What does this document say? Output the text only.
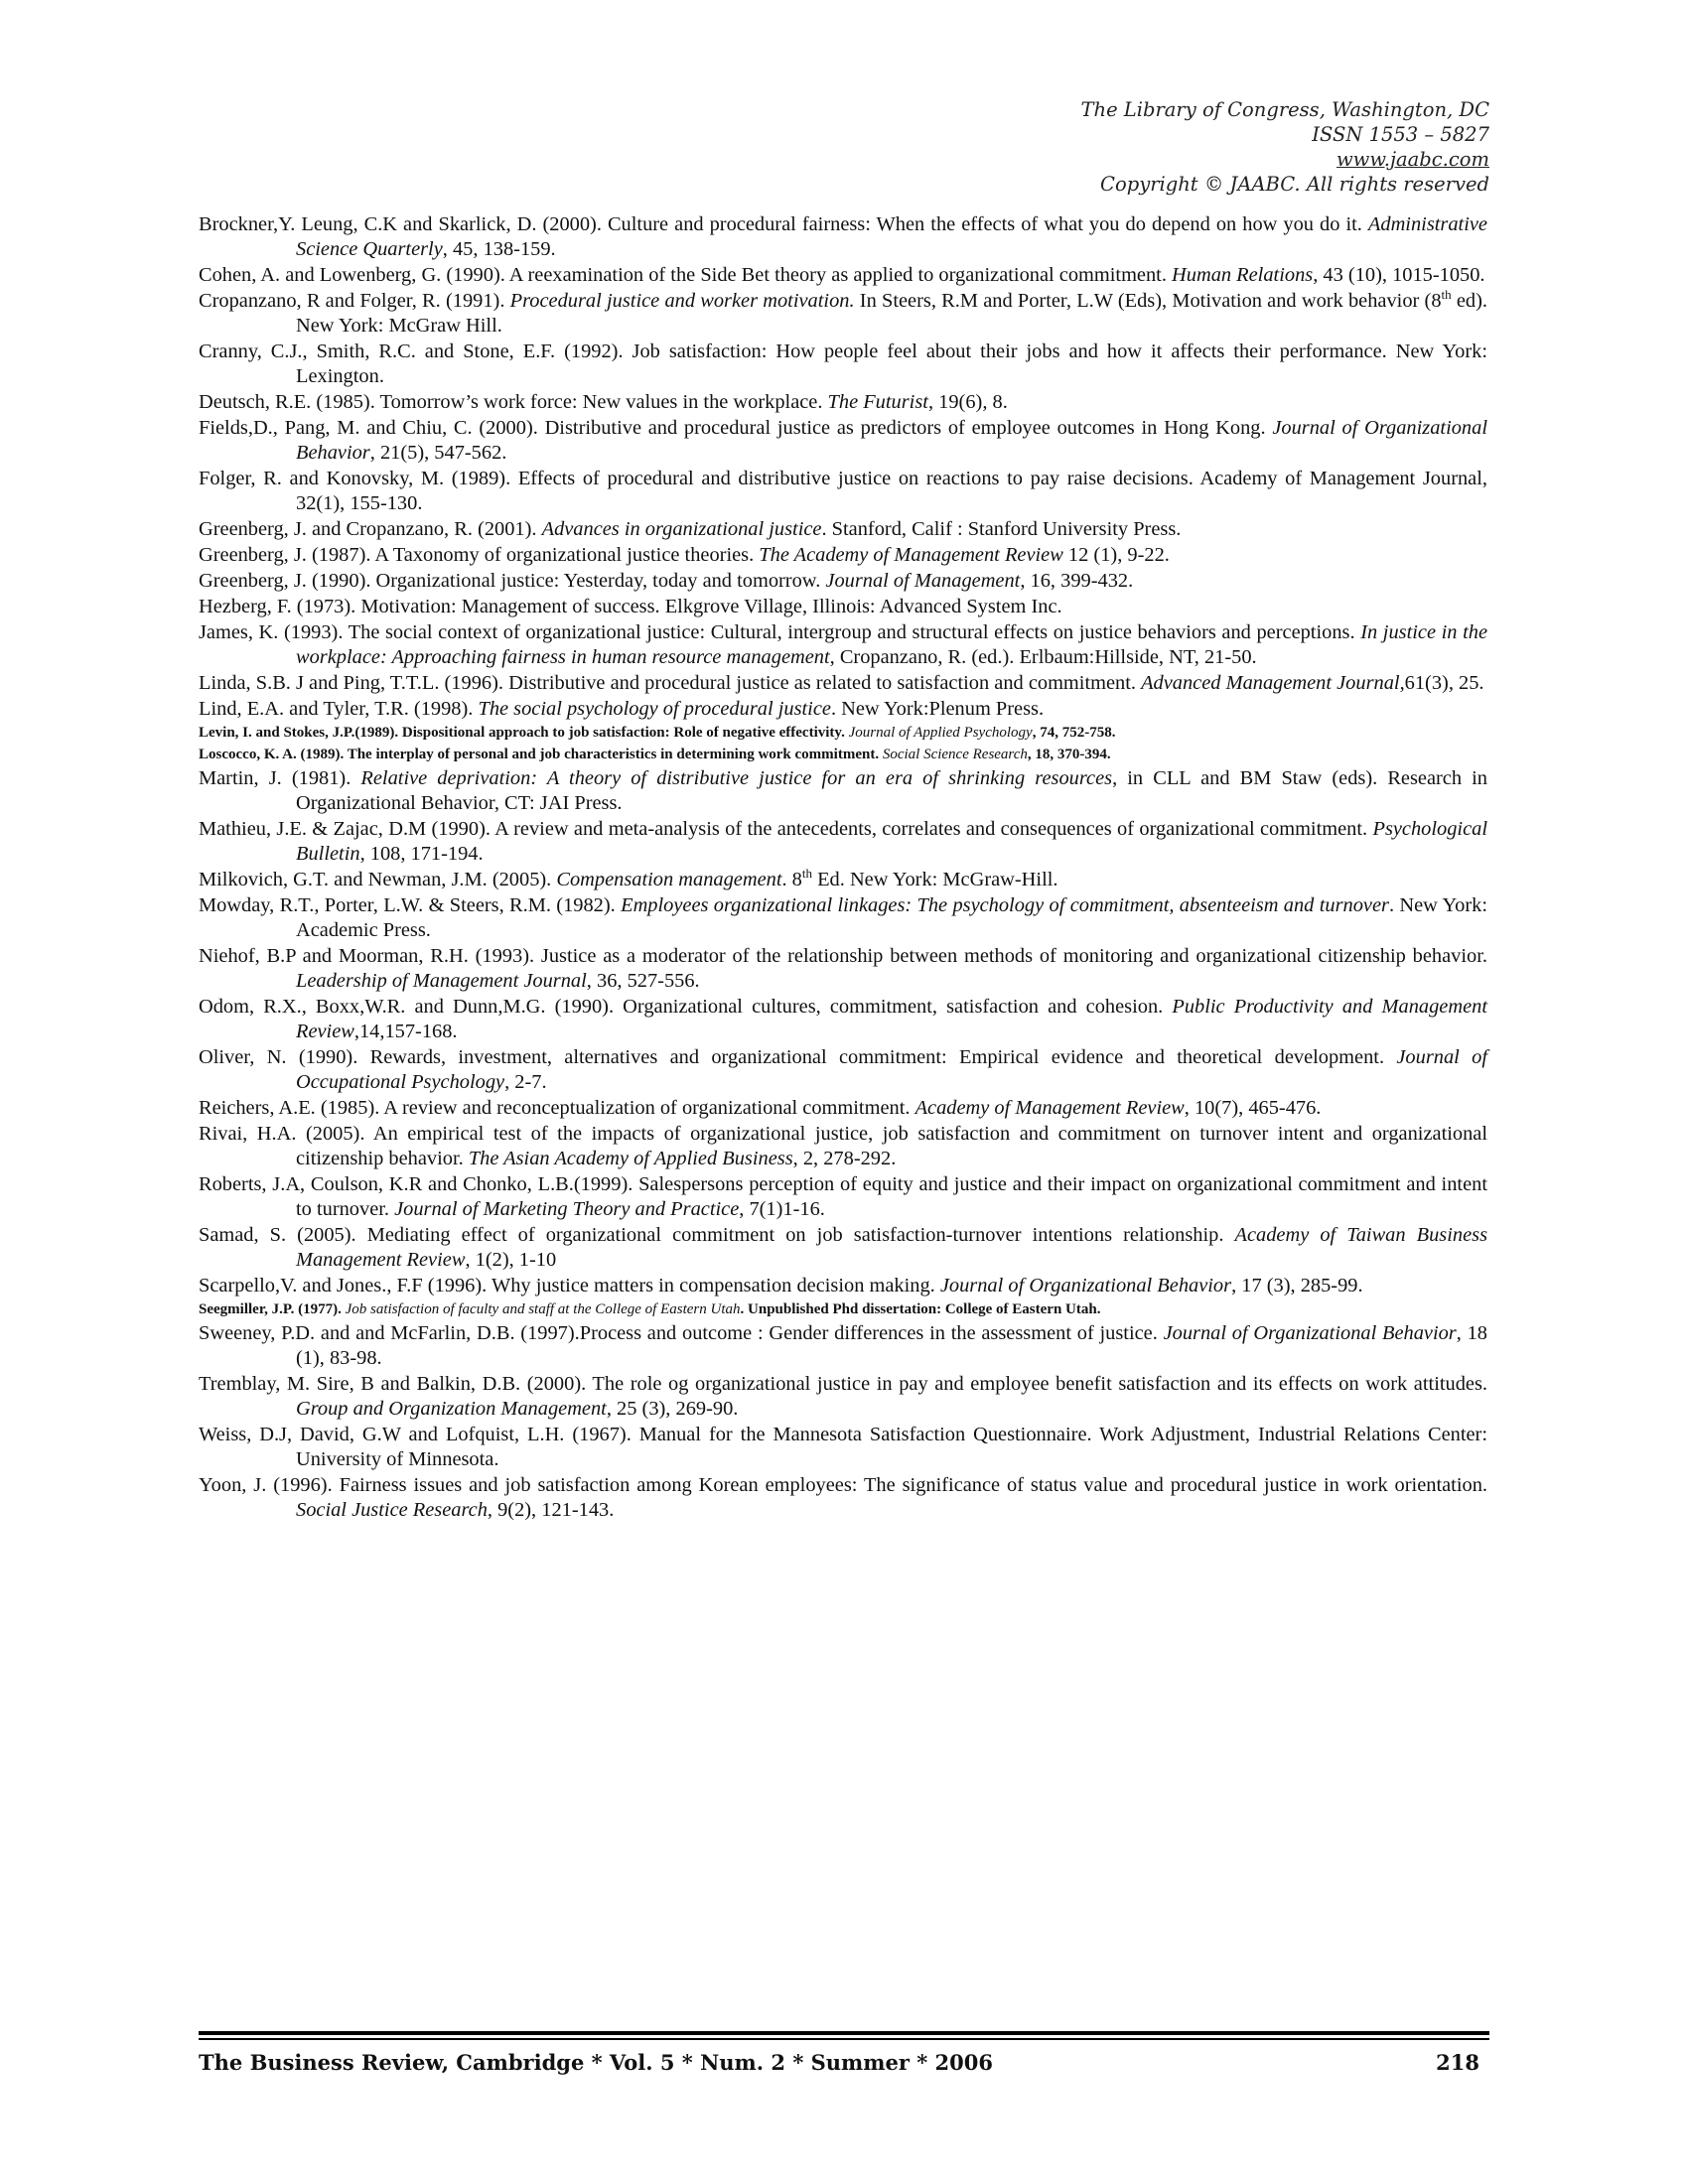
The Library of Congress, Washington, DC
ISSN 1553 – 5827
www.jaabc.com
Copyright © JAABC. All rights reserved
Brockner,Y. Leung, C.K and Skarlick, D. (2000). Culture and procedural fairness: When the effects of what you do depend on how you do it. Administrative Science Quarterly, 45, 138-159.
Cohen, A. and Lowenberg, G. (1990). A reexamination of the Side Bet theory as applied to organizational commitment. Human Relations, 43 (10), 1015-1050.
Cropanzano, R and Folger, R. (1991). Procedural justice and worker motivation. In Steers, R.M and Porter, L.W (Eds), Motivation and work behavior (8th ed). New York: McGraw Hill.
Cranny, C.J., Smith, R.C. and Stone, E.F. (1992). Job satisfaction: How people feel about their jobs and how it affects their performance. New York: Lexington.
Deutsch, R.E. (1985). Tomorrow’s work force: New values in the workplace. The Futurist, 19(6), 8.
Fields,D., Pang, M. and Chiu, C. (2000). Distributive and procedural justice as predictors of employee outcomes in Hong Kong. Journal of Organizational Behavior, 21(5), 547-562.
Folger, R. and Konovsky, M. (1989). Effects of procedural and distributive justice on reactions to pay raise decisions. Academy of Management Journal, 32(1), 155-130.
Greenberg, J. and Cropanzano, R. (2001). Advances in organizational justice. Stanford, Calif : Stanford University Press.
Greenberg, J. (1987). A Taxonomy of organizational justice theories. The Academy of Management Review 12 (1), 9-22.
Greenberg, J. (1990). Organizational justice: Yesterday, today and tomorrow. Journal of Management, 16, 399-432.
Hezberg, F. (1973). Motivation: Management of success. Elkgrove Village, Illinois: Advanced System Inc.
James, K. (1993). The social context of organizational justice: Cultural, intergroup and structural effects on justice behaviors and perceptions. In justice in the workplace: Approaching fairness in human resource management, Cropanzano, R. (ed.). Erlbaum:Hillside, NT, 21-50.
Linda, S.B. J and Ping, T.T.L. (1996). Distributive and procedural justice as related to satisfaction and commitment. Advanced Management Journal,61(3), 25.
Lind, E.A. and Tyler, T.R. (1998). The social psychology of procedural justice. New York:Plenum Press.
Levin, I. and Stokes, J.P.(1989). Dispositional approach to job satisfaction: Role of negative effectivity. Journal of Applied Psychology, 74, 752-758.
Loscocco, K. A. (1989). The interplay of personal and job characteristics in determining work commitment. Social Science Research, 18, 370-394.
Martin, J. (1981). Relative deprivation: A theory of distributive justice for an era of shrinking resources, in CLL and BM Staw (eds). Research in Organizational Behavior, CT: JAI Press.
Mathieu, J.E. & Zajac, D.M (1990). A review and meta-analysis of the antecedents, correlates and consequences of organizational commitment. Psychological Bulletin, 108, 171-194.
Milkovich, G.T. and Newman, J.M. (2005). Compensation management. 8th Ed. New York: McGraw-Hill.
Mowday, R.T., Porter, L.W. & Steers, R.M. (1982). Employees organizational linkages: The psychology of commitment, absenteeism and turnover. New York: Academic Press.
Niehof, B.P and Moorman, R.H. (1993). Justice as a moderator of the relationship between methods of monitoring and organizational citizenship behavior. Leadership of Management Journal, 36, 527-556.
Odom, R.X., Boxx,W.R. and Dunn,M.G. (1990). Organizational cultures, commitment, satisfaction and cohesion. Public Productivity and Management Review,14,157-168.
Oliver, N. (1990). Rewards, investment, alternatives and organizational commitment: Empirical evidence and theoretical development. Journal of Occupational Psychology, 2-7.
Reichers, A.E. (1985). A review and reconceptualization of organizational commitment. Academy of Management Review, 10(7), 465-476.
Rivai, H.A. (2005). An empirical test of the impacts of organizational justice, job satisfaction and commitment on turnover intent and organizational citizenship behavior. The Asian Academy of Applied Business, 2, 278-292.
Roberts, J.A, Coulson, K.R and Chonko, L.B.(1999). Salespersons perception of equity and justice and their impact on organizational commitment and intent to turnover. Journal of Marketing Theory and Practice, 7(1)1-16.
Samad, S. (2005). Mediating effect of organizational commitment on job satisfaction-turnover intentions relationship. Academy of Taiwan Business Management Review, 1(2), 1-10
Scarpello,V. and Jones., F.F (1996). Why justice matters in compensation decision making. Journal of Organizational Behavior, 17 (3), 285-99.
Seegmiller, J.P. (1977). Job satisfaction of faculty and staff at the College of Eastern Utah. Unpublished Phd dissertation: College of Eastern Utah.
Sweeney, P.D. and and McFarlin, D.B. (1997).Process and outcome : Gender differences in the assessment of justice. Journal of Organizational Behavior, 18 (1), 83-98.
Tremblay, M. Sire, B and Balkin, D.B. (2000). The role og organizational justice in pay and employee benefit satisfaction and its effects on work attitudes. Group and Organization Management, 25 (3), 269-90.
Weiss, D.J, David, G.W and Lofquist, L.H. (1967). Manual for the Mannesota Satisfaction Questionnaire. Work Adjustment, Industrial Relations Center: University of Minnesota.
Yoon, J. (1996). Fairness issues and job satisfaction among Korean employees: The significance of status value and procedural justice in work orientation. Social Justice Research, 9(2), 121-143.
The Business Review, Cambridge * Vol. 5 * Num. 2 * Summer * 2006	218
